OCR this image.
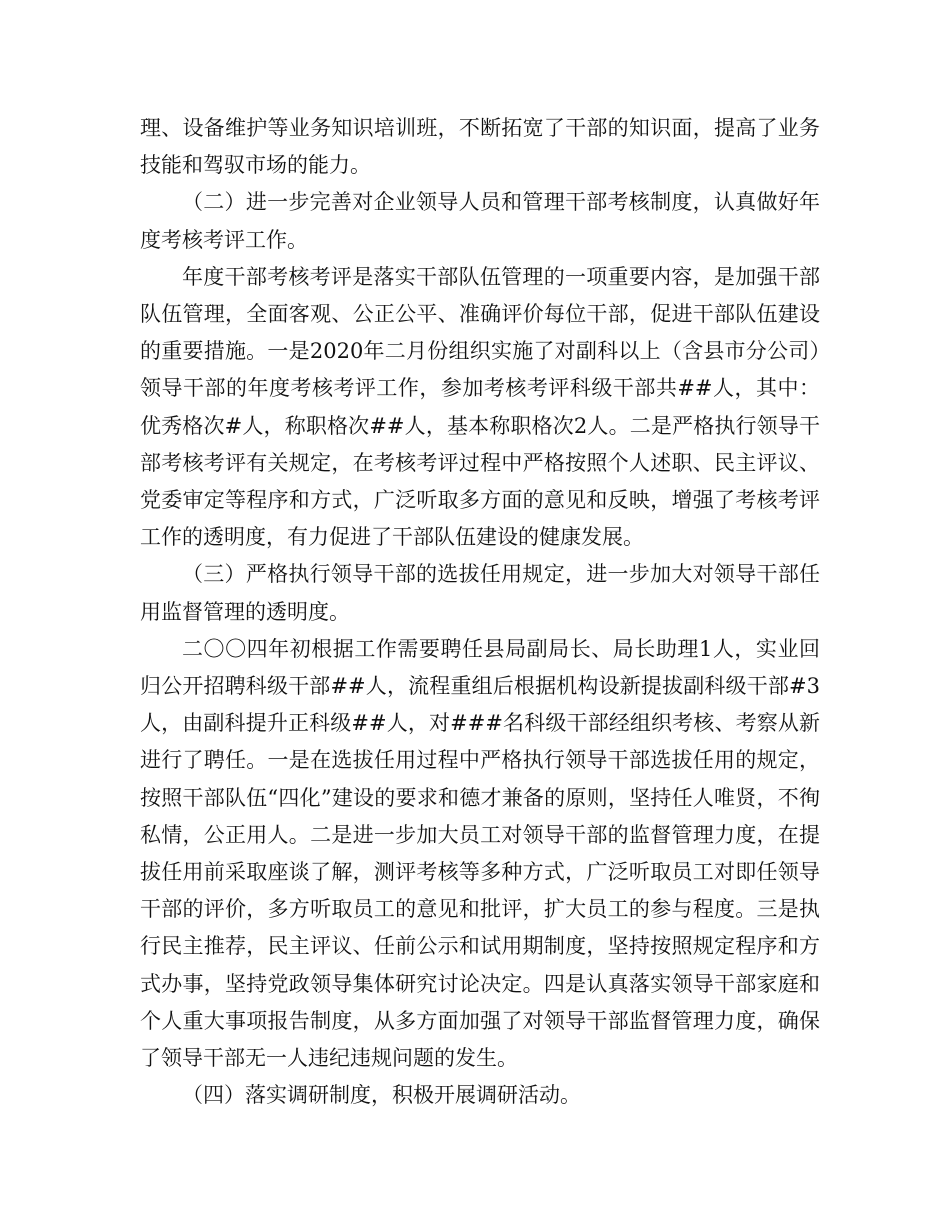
理、设备维护等业务知识培训班，不断拓宽了干部的知识面，提高了业务技能和驾驭市场的能力。

（二）进一步完善对企业领导人员和管理干部考核制度，认真做好年度考核考评工作。

年度干部考核考评是落实干部队伍管理的一项重要内容，是加强干部队伍管理，全面客观、公正公平、准确评价每位干部，促进干部队伍建设的重要措施。一是2020年二月份组织实施了对副科以上（含县市分公司）领导干部的年度考核考评工作，参加考核考评科级干部共##人，其中：优秀格次#人，称职格次##人，基本称职格次2人。二是严格执行领导干部考核考评有关规定，在考核考评过程中严格按照个人述职、民主评议、党委审定等程序和方式，广泛听取多方面的意见和反映，增强了考核考评工作的透明度，有力促进了干部队伍建设的健康发展。

（三）严格执行领导干部的选拔任用规定，进一步加大对领导干部任用监督管理的透明度。

二〇〇四年初根据工作需要聘任县局副局长、局长助理1人，实业回归公开招聘科级干部##人，流程重组后根据机构设新提拔副科级干部#3人，由副科提升正科级##人，对###名科级干部经组织考核、考察从新进行了聘任。一是在选拔任用过程中严格执行领导干部选拔任用的规定，按照干部队伍“四化”建设的要求和德才兼备的原则，坚持任人唯贤，不徇私情，公正用人。二是进一步加大员工对领导干部的监督管理力度，在提拔任用前采取座谈了解，测评考核等多种方式，广泛听取员工对即任领导干部的评价，多方听取员工的意见和批评，扩大员工的参与程度。三是执行民主推荐，民主评议、任前公示和试用期制度，坚持按照规定程序和方式办事，坚持党政领导集体研究讨论决定。四是认真落实领导干部家庭和个人重大事项报告制度，从多方面加强了对领导干部监督管理力度，确保了领导干部无一人违纪违规问题的发生。

（四）落实调研制度，积极开展调研活动。
